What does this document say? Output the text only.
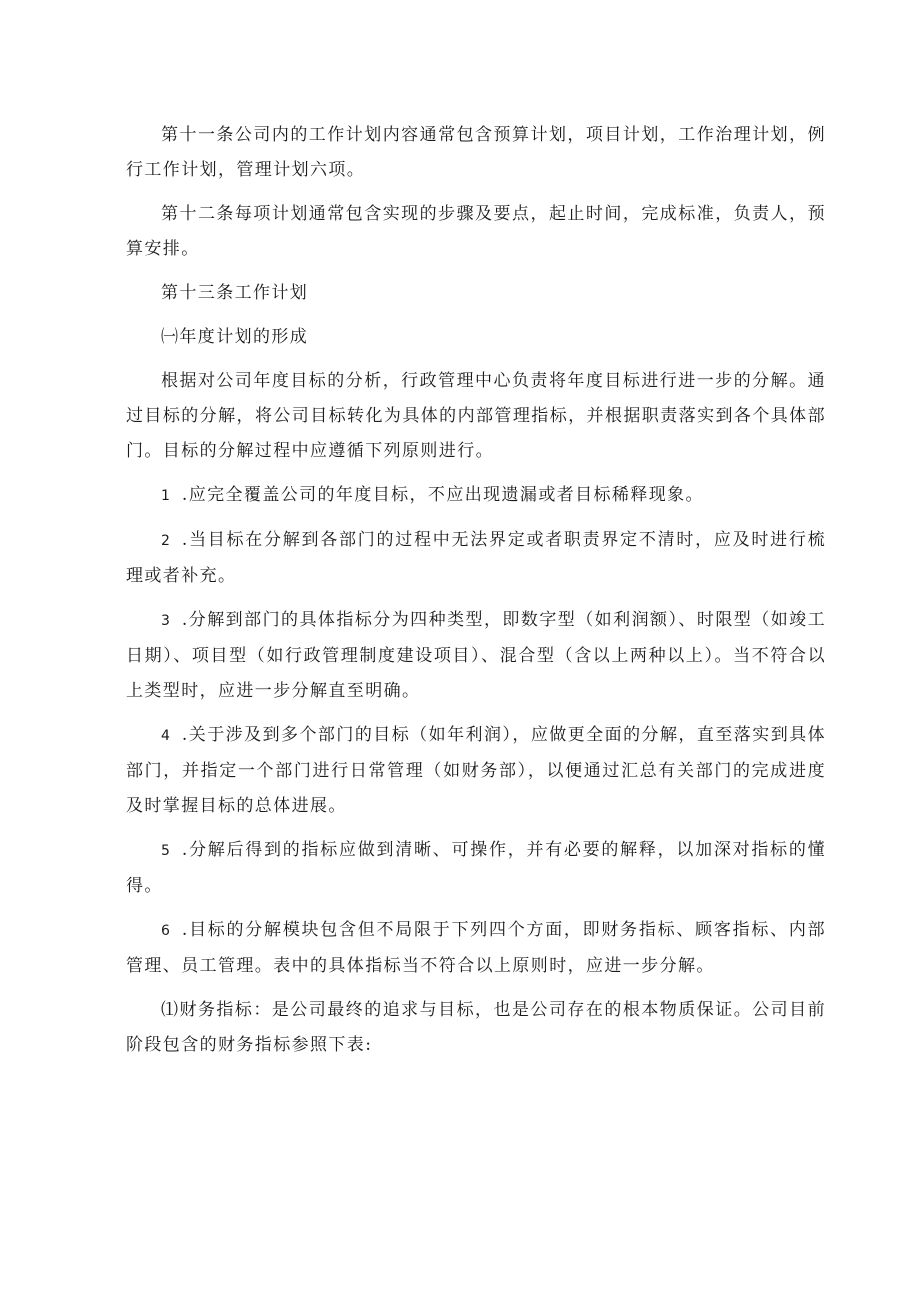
第十一条公司内的工作计划内容通常包含预算计划，项目计划，工作治理计划，例行工作计划，管理计划六项。

第十二条每项计划通常包含实现的步骤及要点，起止时间，完成标准，负责人，预算安排。

第十三条工作计划

㈠年度计划的形成

根据对公司年度目标的分析，行政管理中心负责将年度目标进行进一步的分解。通过目标的分解，将公司目标转化为具体的内部管理指标，并根据职责落实到各个具体部门。目标的分解过程中应遵循下列原则进行。

1 .应完全覆盖公司的年度目标，不应出现遗漏或者目标稀释现象。

2 .当目标在分解到各部门的过程中无法界定或者职责界定不清时，应及时进行梳理或者补充。

3 .分解到部门的具体指标分为四种类型，即数字型（如利润额）、时限型（如竣工日期）、项目型（如行政管理制度建设项目）、混合型（含以上两种以上）。当不符合以上类型时，应进一步分解直至明确。

4 .关于涉及到多个部门的目标（如年利润），应做更全面的分解，直至落实到具体部门，并指定一个部门进行日常管理（如财务部），以便通过汇总有关部门的完成进度及时掌握目标的总体进展。

5 .分解后得到的指标应做到清晰、可操作，并有必要的解释，以加深对指标的懂得。

6 .目标的分解模块包含但不局限于下列四个方面，即财务指标、顾客指标、内部管理、员工管理。表中的具体指标当不符合以上原则时，应进一步分解。

⑴财务指标：是公司最终的追求与目标，也是公司存在的根本物质保证。公司目前阶段包含的财务指标参照下表:
